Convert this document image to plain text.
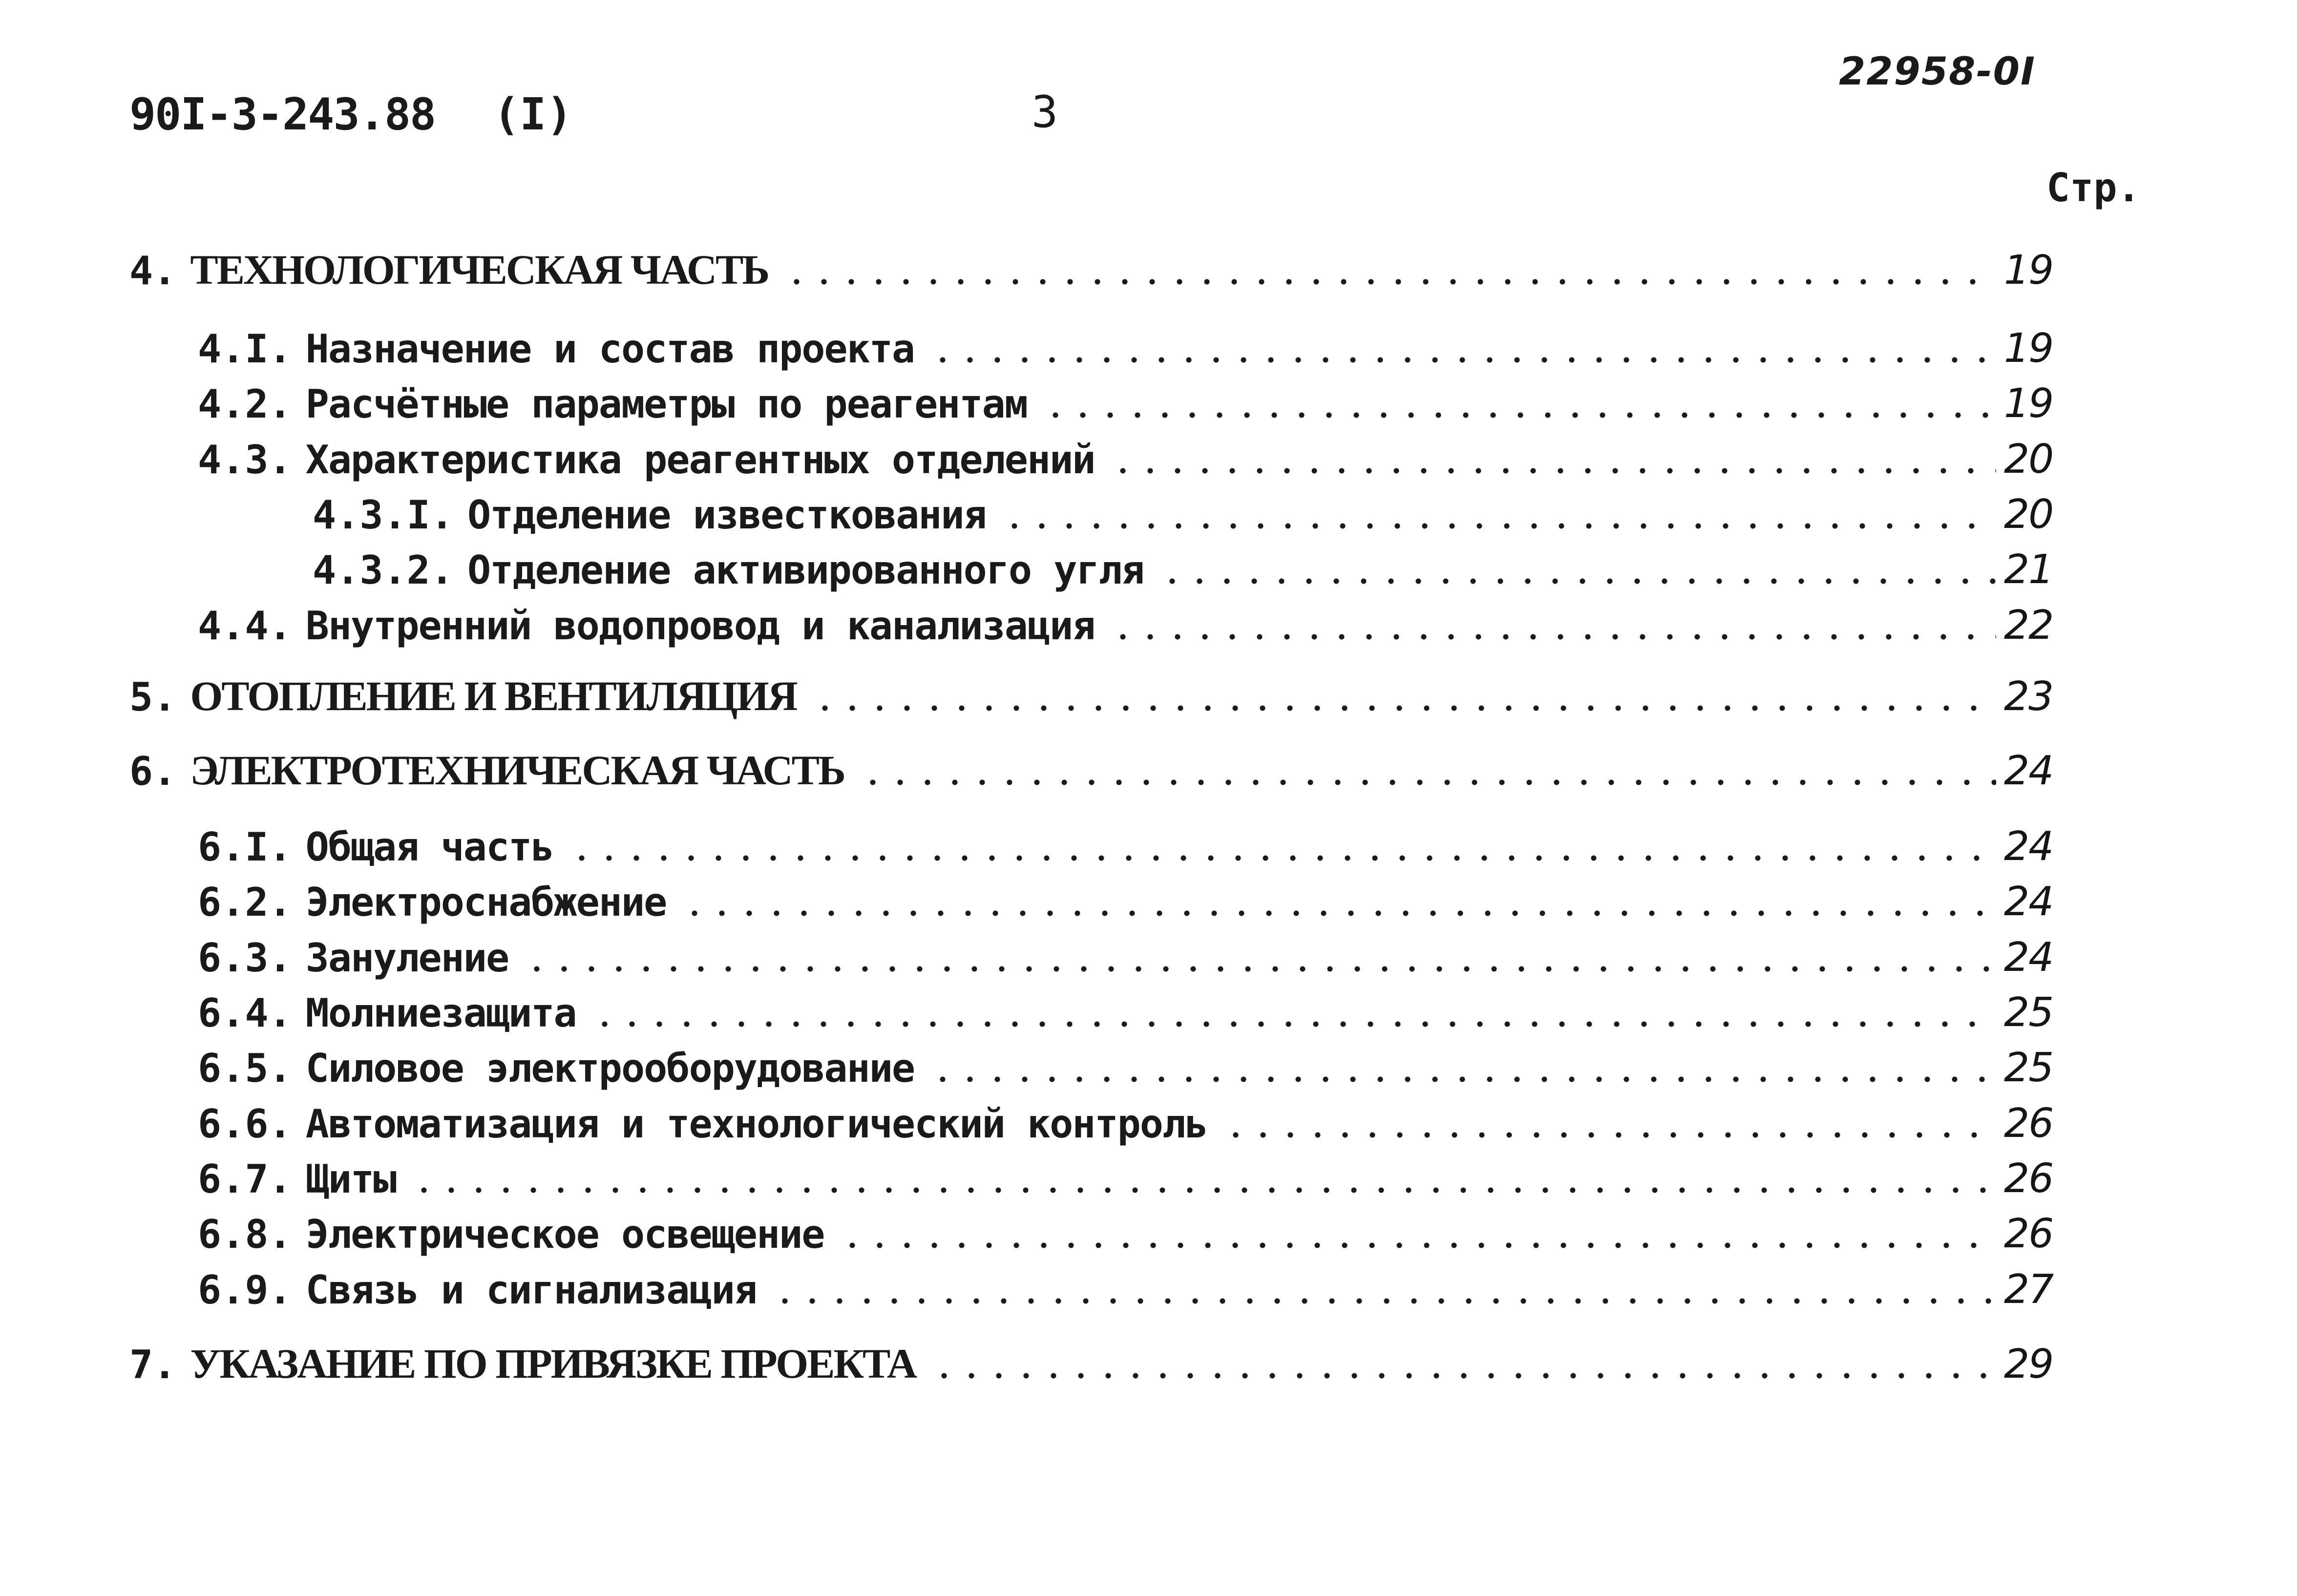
90I-3-243.88 (I)	3
22958-0I
Стр.
4. ТЕХНОЛОГИЧЕСКАЯ ЧАСТЬ	19
4.I. Назначение и состав проекта	19
4.2. Расчётные параметры по реагентам	19
4.3. Характеристика реагентных отделений	20
4.3.I. Отделение известкования	20
4.3.2. Отделение активированного угля	21
4.4. Внутренний водопровод и канализация	22
5. ОТОПЛЕНИЕ И ВЕНТИЛЯЦИЯ	23
6. ЭЛЕКТРОТЕХНИЧЕСКАЯ ЧАСТЬ	24
6.I. Общая часть	24
6.2. Электроснабжение	24
6.3. Зануление	24
6.4. Молниезащита	25
6.5. Силовое электрооборудование	25
6.6. Автоматизация и технологический контроль	26
6.7. Щиты	26
6.8. Электрическое освещение	26
6.9. Связь и сигнализация	27
7. УКАЗАНИЕ ПО ПРИВЯЗКЕ ПРОЕКТА	29
